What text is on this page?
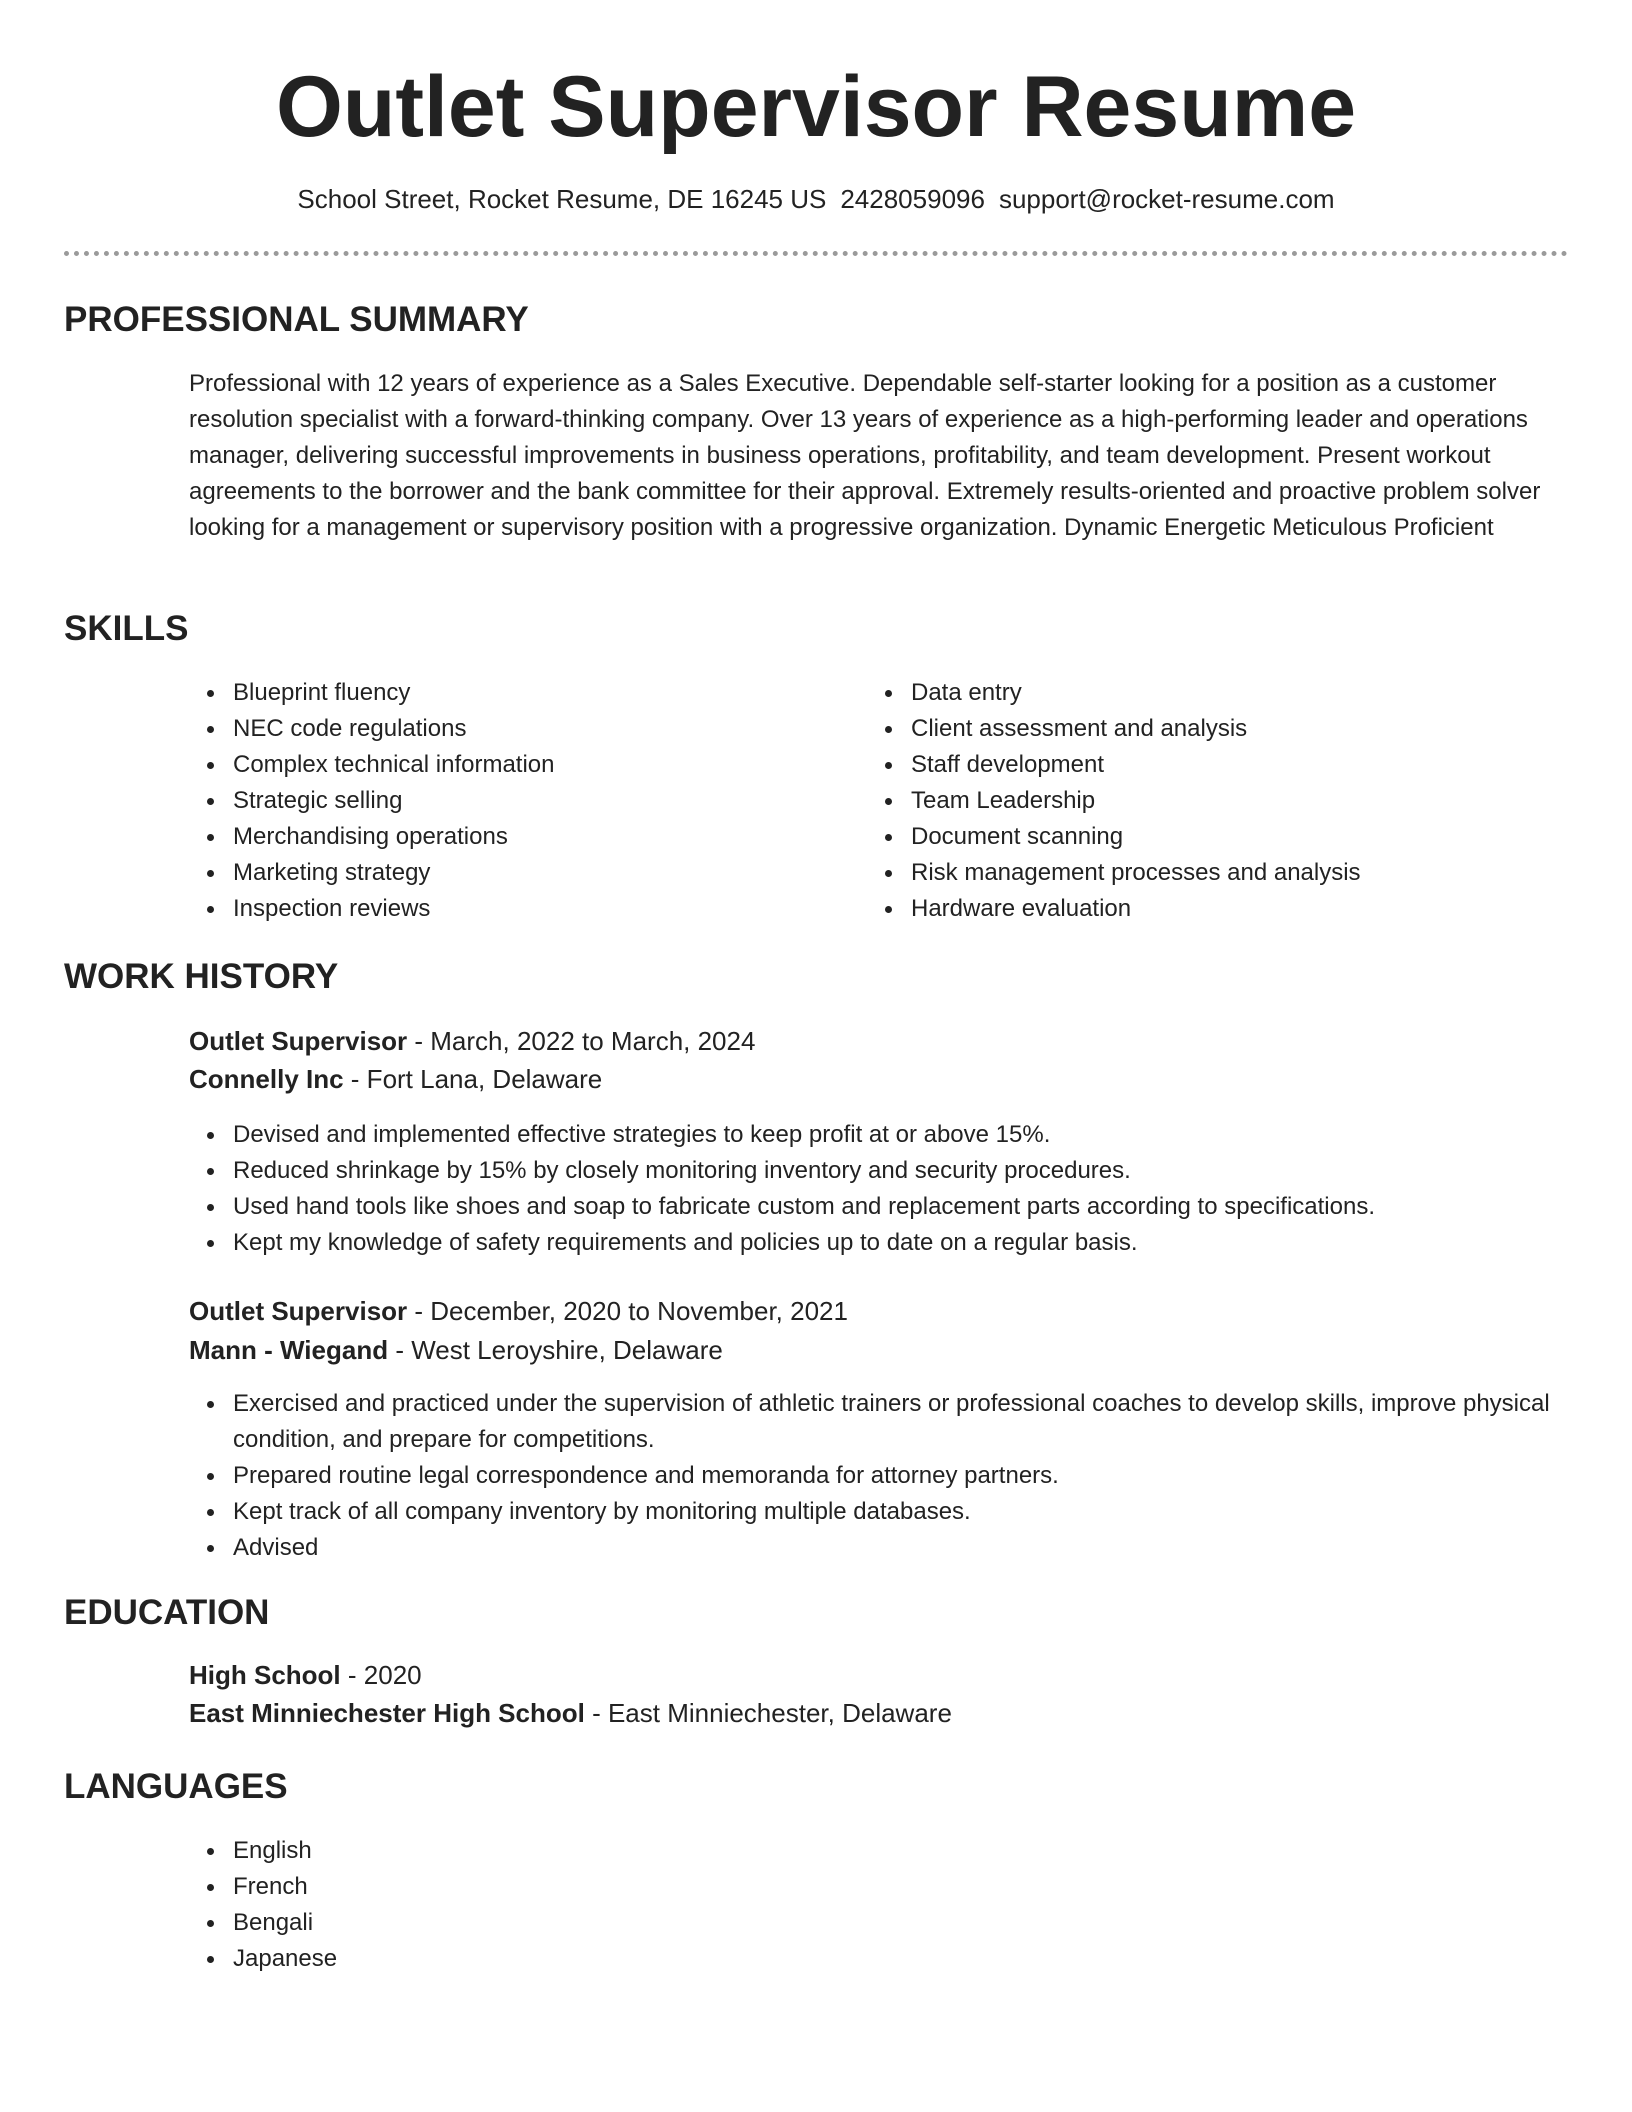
Outlet Supervisor Resume
School Street, Rocket Resume, DE 16245 US 2428059096 support@rocket-resume.com
PROFESSIONAL SUMMARY

Professional with 12 years of experience as a Sales Executive. Dependable self-starter looking for a position as a customer resolution specialist with a forward-thinking company. Over 13 years of experience as a high-performing leader and operations manager, delivering successful improvements in business operations, profitability, and team development. Present workout agreements to the borrower and the bank committee for their approval. Extremely results-oriented and proactive problem solver looking for a management or supervisory position with a progressive organization. Dynamic Energetic Meticulous Proficient

SKILLS
Blueprint fluency
NEC code regulations
Complex technical information
Strategic selling
Merchandising operations
Marketing strategy
Inspection reviews
Data entry
Client assessment and analysis
Staff development
Team Leadership
Document scanning
Risk management processes and analysis
Hardware evaluation
WORK HISTORY

Outlet Supervisor - March, 2022 to March, 2024

Connelly Inc - Fort Lana, Delaware

Devised and implemented effective strategies to keep profit at or above 15%.
Reduced shrinkage by 15% by closely monitoring inventory and security procedures.
Used hand tools like shoes and soap to fabricate custom and replacement parts according to specifications.
Kept my knowledge of safety requirements and policies up to date on a regular basis.

Outlet Supervisor - December, 2020 to November, 2021

Mann - Wiegand - West Leroyshire, Delaware

Exercised and practiced under the supervision of athletic trainers or professional coaches to develop skills, improve physical condition, and prepare for competitions.
Prepared routine legal correspondence and memoranda for attorney partners.
Kept track of all company inventory by monitoring multiple databases.
Advised
EDUCATION

High School - 2020

East Minniechester High School - East Minniechester, Delaware

LANGUAGES
English
French
Bengali
Japanese
